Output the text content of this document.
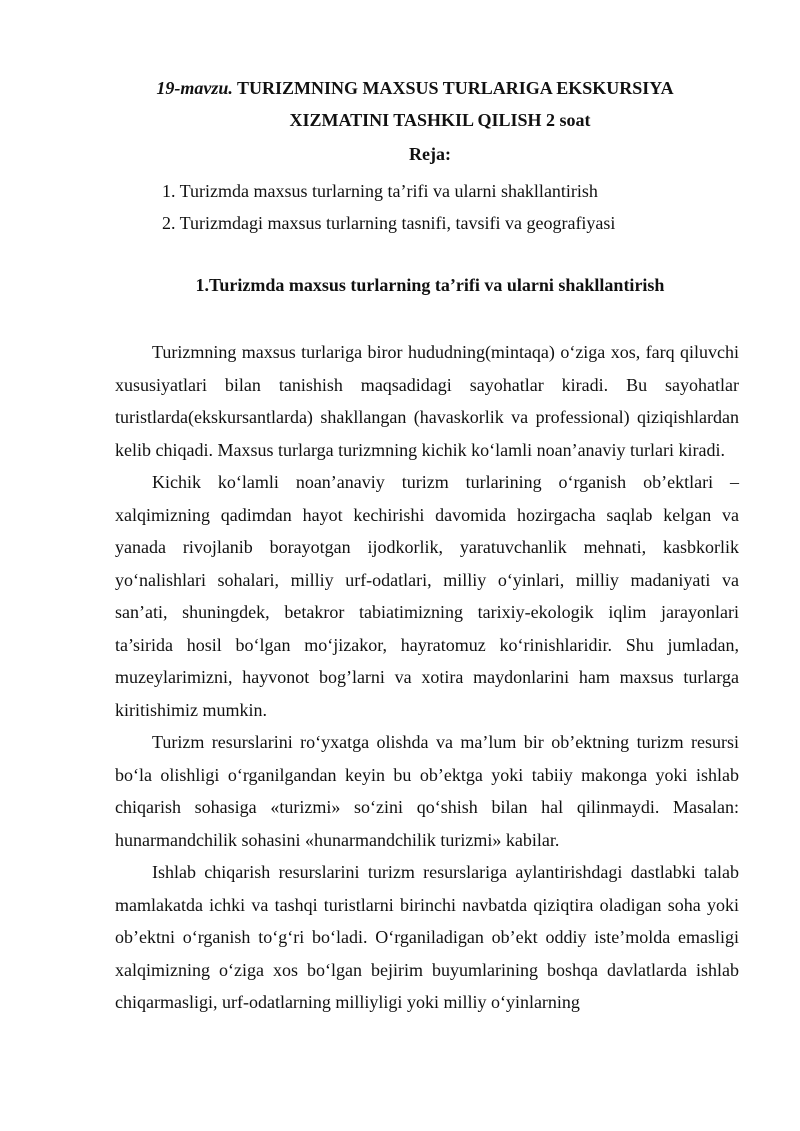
19-mavzu. TURIZMNING MAXSUS TURLARIGA EKSKURSIYA
XIZMATINI TASHKIL QILISH 2 soat
Reja:
1. Turizmda maxsus turlarning ta’rifi va ularni shakllantirish
2. Turizmdagi maxsus turlarning tasnifi, tavsifi va geografiyasi
1.Turizmda maxsus turlarning ta’rifi va ularni shakllantirish

Turizmning maxsus turlariga biror hududning(mintaqa) o‘ziga xos, farq qiluvchi xususiyatlari bilan tanishish maqsadidagi sayohatlar kiradi. Bu sayohatlar turistlarda(ekskursantlarda) shakllangan (havaskorlik va professional) qiziqishlardan kelib chiqadi. Maxsus turlarga turizmning kichik ko‘lamli noan’anaviy turlari kiradi.

Kichik ko‘lamli noan’anaviy turizm turlarining o‘rganish ob’ektlari – xalqimizning qadimdan hayot kechirishi davomida hozirgacha saqlab kelgan va yanada rivojlanib borayotgan ijodkorlik, yaratuvchanlik mehnati, kasbkorlik yo‘nalishlari sohalari, milliy urf-odatlari, milliy o‘yinlari, milliy madaniyati va san’ati, shuningdek, betakror tabiatimizning tarixiy-ekologik iqlim jarayonlari ta’sirida hosil bo‘lgan mo‘jizakor, hayratomuz ko‘rinishlaridir. Shu jumladan, muzeylarimizni, hayvonot bog’larni va xotira maydonlarini ham maxsus turlarga kiritishimiz mumkin.

Turizm resurslarini ro‘yxatga olishda va ma’lum bir ob’ektning turizm resursi bo‘la olishligi o‘rganilgandan keyin bu ob’ektga yoki tabiiy makonga yoki ishlab chiqarish sohasiga «turizmi» so‘zini qo‘shish bilan hal qilinmaydi. Masalan: hunarmandchilik sohasini «hunarmandchilik turizmi» kabilar.

Ishlab chiqarish resurslarini turizm resurslariga aylantirishdagi dastlabki talab mamlakatda ichki va tashqi turistlarni birinchi navbatda qiziqtira oladigan soha yoki ob’ektni o‘rganish to‘g‘ri bo‘ladi. O‘rganiladigan ob’ekt oddiy iste’molda emasligi xalqimizning o‘ziga xos bo‘lgan bejirim buyumlarining boshqa davlatlarda ishlab chiqarmasligi, urf-odatlarning milliyligi yoki milliy o‘yinlarning
